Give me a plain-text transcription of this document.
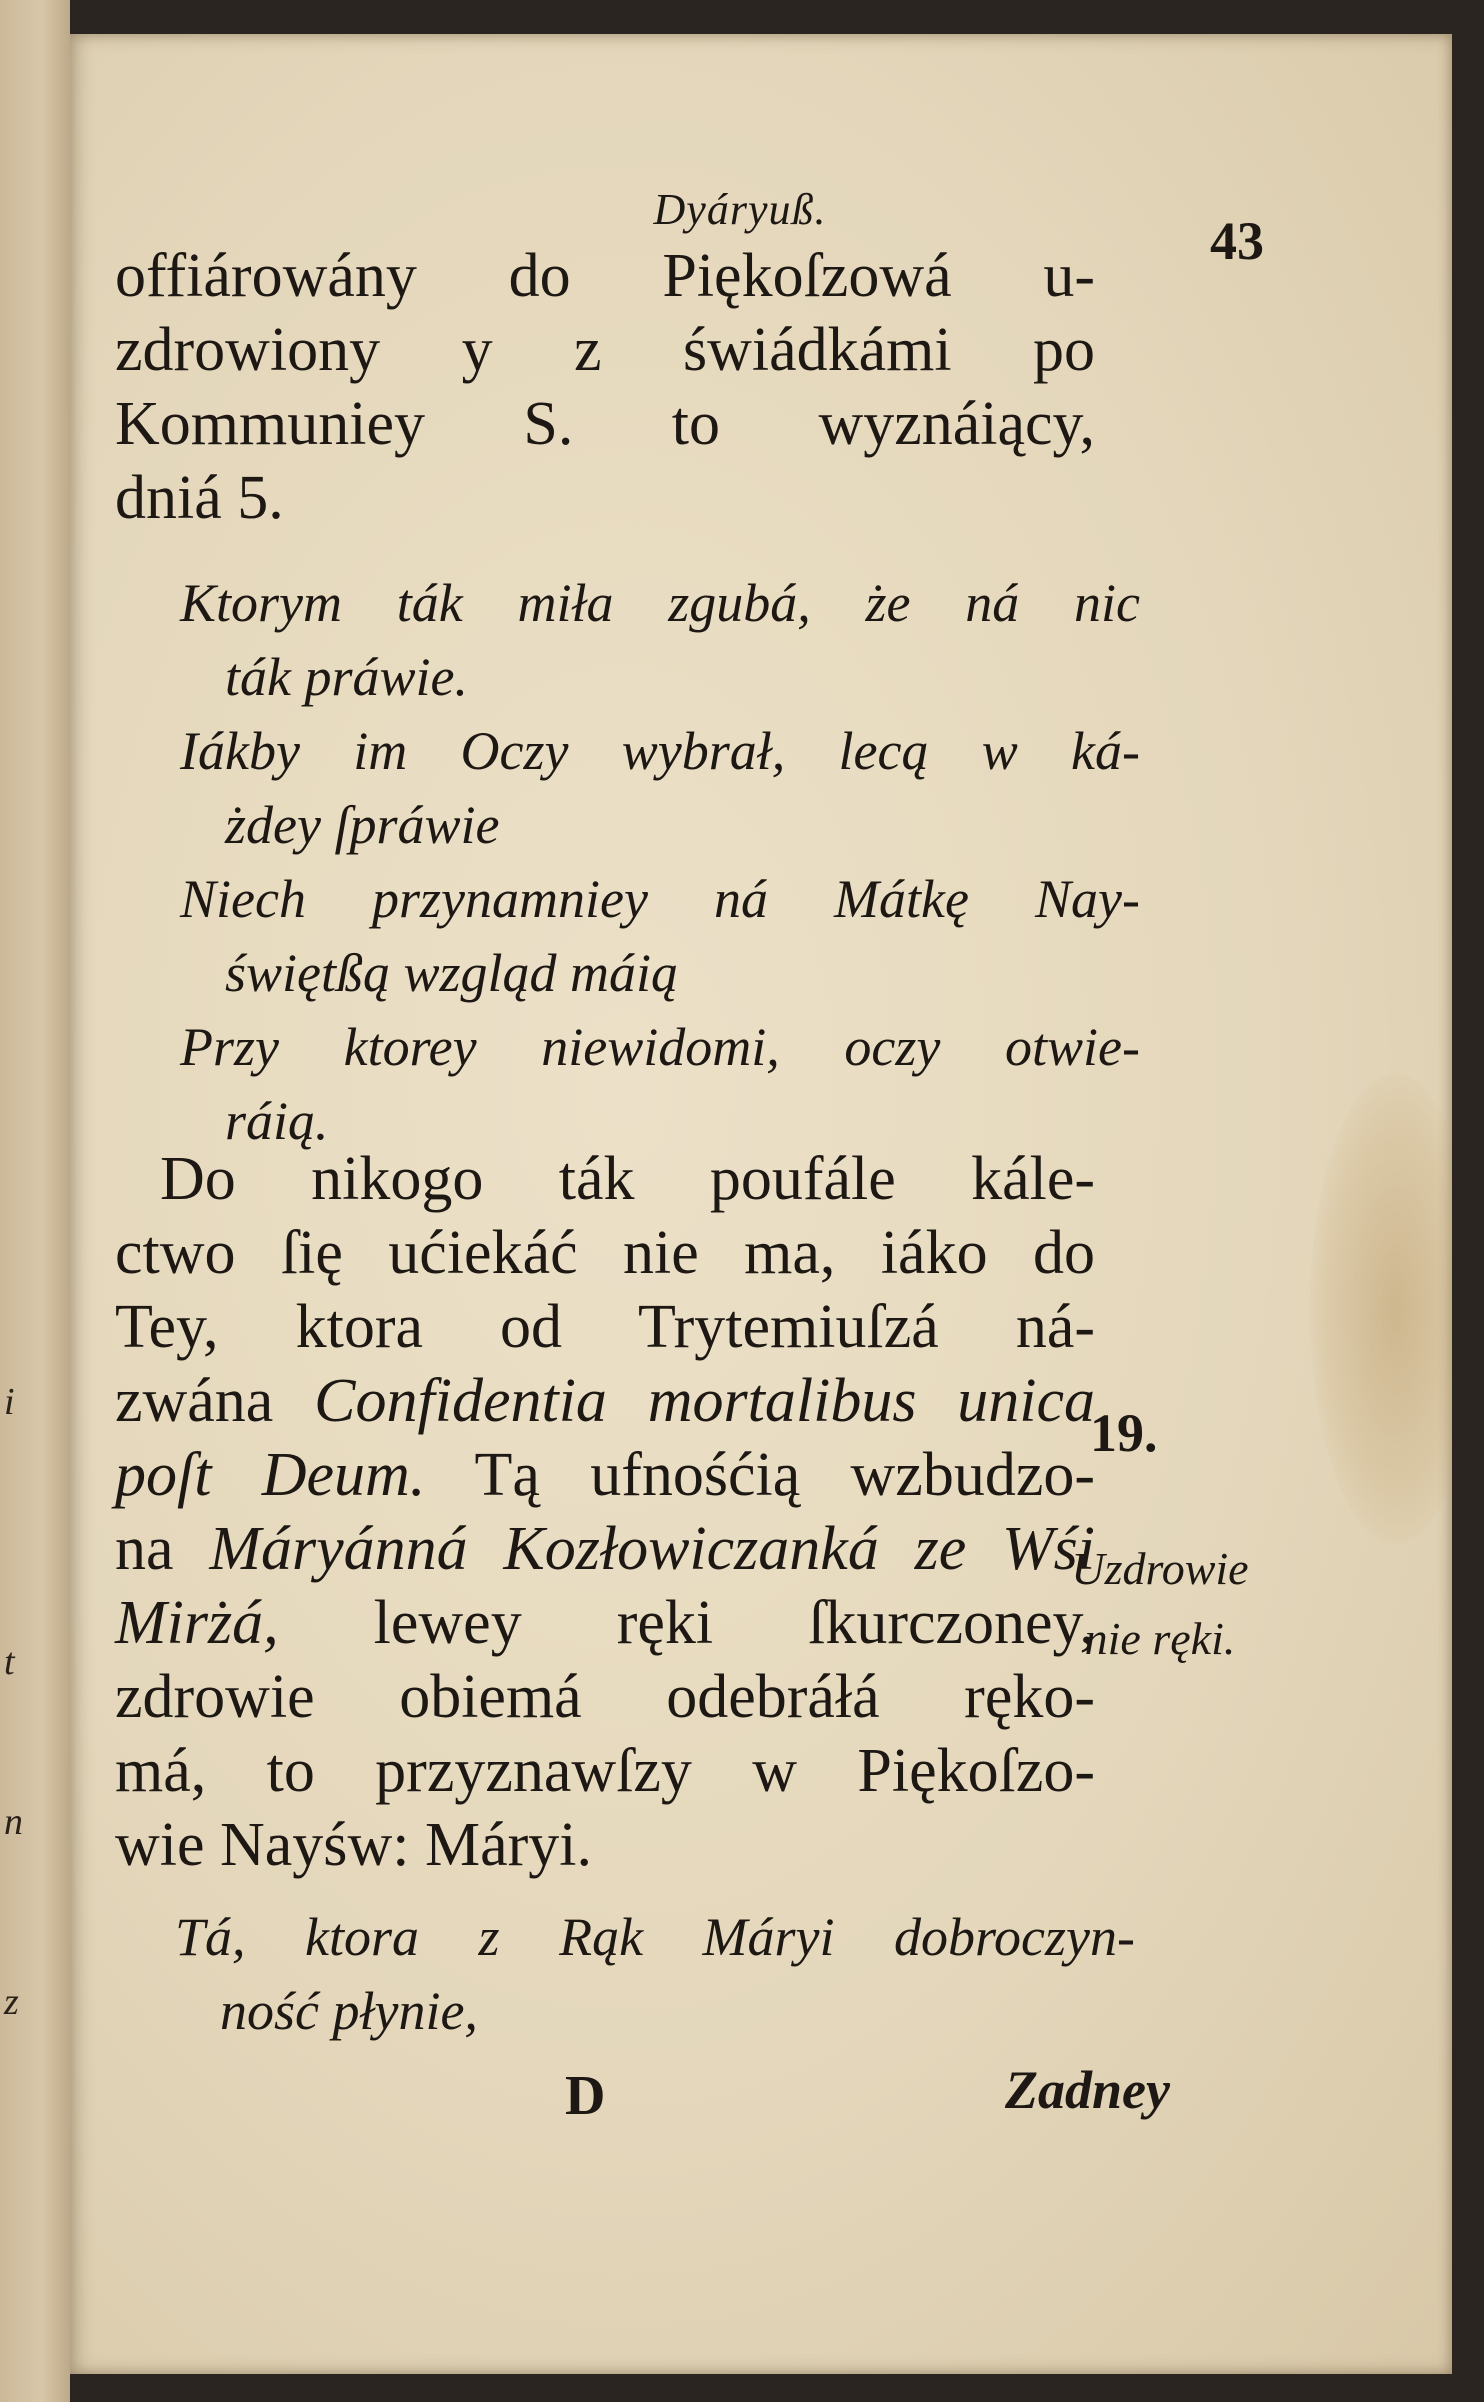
i
t
n
z
Dyáryuß.
43
offiárowány do Piękoſzowá u-
zdrowiony y z świádkámi po
Kommuniey S. to wyznáiący,
dniá 5.
Ktorym ták miła zgubá, że ná nic
ták práwie.
Iákby im Oczy wybrał, lecą w ká-
żdey ſpráwie
Niech przynamniey ná Mátkę Nay-
świętßą wzgląd máią
Przy ktorey niewidomi, oczy otwie-
ráią.
Do nikogo ták poufále kále-
ctwo ſię ućiekáć nie ma, iáko do
Tey, ktora od Trytemiuſzá ná-
zwána Confidentia mortalibus unica
poſt Deum. Tą ufnośćią wzbudzo-
na Máryánná Kozłowiczanká ze Wśi
Mirżá, lewey ręki ſkurczoney,
zdrowie obiemá odebráłá ręko-
má, to przyznawſzy w Piękoſzo-
wie Nayśw: Máryi.
19.
Uzdrowie
nie ręki.
Tá, ktora z Rąk Máryi dobroczyn-
ność płynie,
D	Zadney
